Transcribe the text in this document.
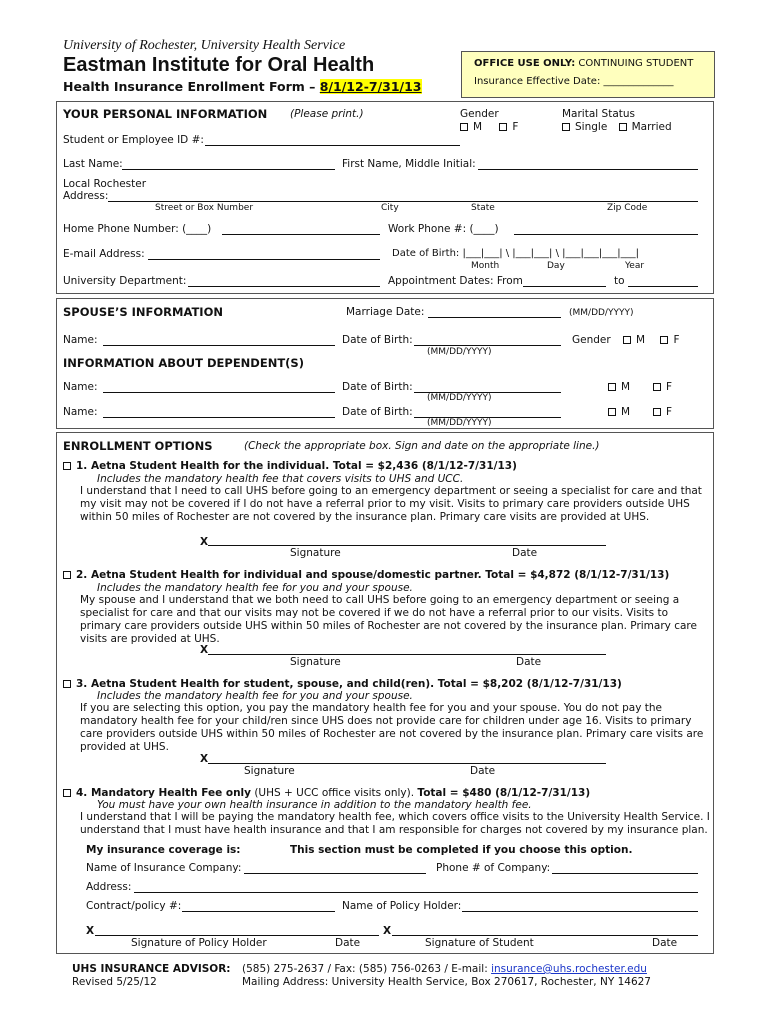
University of Rochester, University Health Service
Eastman Institute for Oral Health
Health Insurance Enrollment Form – 8/1/12-7/31/13
OFFICE USE ONLY: CONTINUING STUDENT
Insurance Effective Date: ______________
YOUR PERSONAL INFORMATION (Please print.)	Gender
M	F
Marital Status
Single Married
Student or Employee ID #:
Last Name:	First Name, Middle Initial:
Local Rochester
Address:
Street or Box Number	City	State	Zip Code
Home Phone Number: (____)	Work Phone #: (____)
E-mail Address:	Date of Birth: |___|___| \ |___|___| \ |___|___|___|___|
Month	Day	Year
University Department:	Appointment Dates: From	to
SPOUSE’S INFORMATION	Marriage Date:	(MM/DD/YYYY)
Name:	Date of Birth:
(MM/DD/YYYY)
Gender M	F
INFORMATION ABOUT DEPENDENT(S)
Name:	Date of Birth:
(MM/DD/YYYY)
M	F
Name:	Date of Birth:
(MM/DD/YYYY)
M	F
ENROLLMENT OPTIONS	(Check the appropriate box. Sign and date on the appropriate line.)
1. Aetna Student Health for the individual. Total = $2,436 (8/1/12-7/31/13)
Includes the mandatory health fee that covers visits to UHS and UCC.
I understand that I need to call UHS before going to an emergency department or seeing a specialist for care and that my visit may not be covered if I do not have a referral prior to my visit. Visits to primary care providers outside UHS within 50 miles of Rochester are not covered by the insurance plan. Primary care visits are provided at UHS.
X
Signature	Date
2. Aetna Student Health for individual and spouse/domestic partner. Total = $4,872 (8/1/12-7/31/13)
Includes the mandatory health fee for you and your spouse.
My spouse and I understand that we both need to call UHS before going to an emergency department or seeing a specialist for care and that our visits may not be covered if we do not have a referral prior to our visits. Visits to primary care providers outside UHS within 50 miles of Rochester are not covered by the insurance plan. Primary care visits are provided at UHS.
X
Signature	Date
3. Aetna Student Health for student, spouse, and child(ren). Total = $8,202 (8/1/12-7/31/13)
Includes the mandatory health fee for you and your spouse.
If you are selecting this option, you pay the mandatory health fee for you and your spouse. You do not pay the mandatory health fee for your child/ren since UHS does not provide care for children under age 16. Visits to primary care providers outside UHS within 50 miles of Rochester are not covered by the insurance plan. Primary care visits are provided at UHS.
X
Signature	Date
4. Mandatory Health Fee only (UHS + UCC office visits only). Total = $480 (8/1/12-7/31/13)
You must have your own health insurance in addition to the mandatory health fee.
I understand that I will be paying the mandatory health fee, which covers office visits to the University Health Service. I understand that I must have health insurance and that I am responsible for charges not covered by my insurance plan.
My insurance coverage is:	This section must be completed if you choose this option.
Name of Insurance Company:	Phone # of Company:
Address:
Contract/policy #:	Name of Policy Holder:
X	X
Signature of Policy Holder	Date	Signature of Student	Date
UHS INSURANCE ADVISOR:
Revised 5/25/12
(585) 275-2637 / Fax: (585) 756-0263 / E-mail: insurance@uhs.rochester.edu
Mailing Address: University Health Service, Box 270617, Rochester, NY 14627
